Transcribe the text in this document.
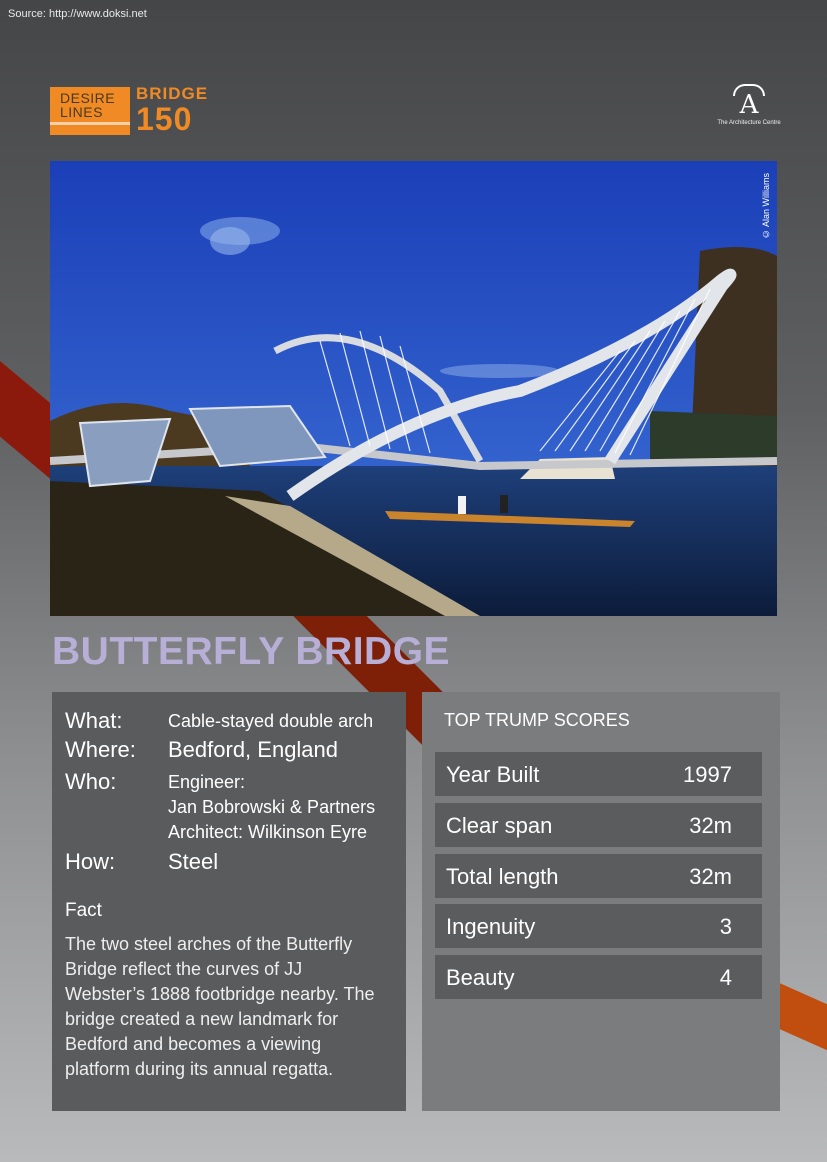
Source: http://www.doksi.net
DESIRE
LINES
BRIDGE
150	A
The Architecture Centre
© Alan Williams
BUTTERFLY BRIDGE
What:	Cable-stayed double arch
Where: Bedford, England
Who:	Engineer:
Jan Bobrowski & Partners
Architect: Wilkinson Eyre
How: Steel
Fact
The two steel arches of the Butterfly Bridge reflect the curves of JJ Webster’s 1888 footbridge nearby. The bridge created a new landmark for Bedford and becomes a viewing platform during its annual regatta.
TOP TRUMP SCORES
Year Built	1997
Clear span	32m
Total length	32m
Ingenuity	3
Beauty	4
